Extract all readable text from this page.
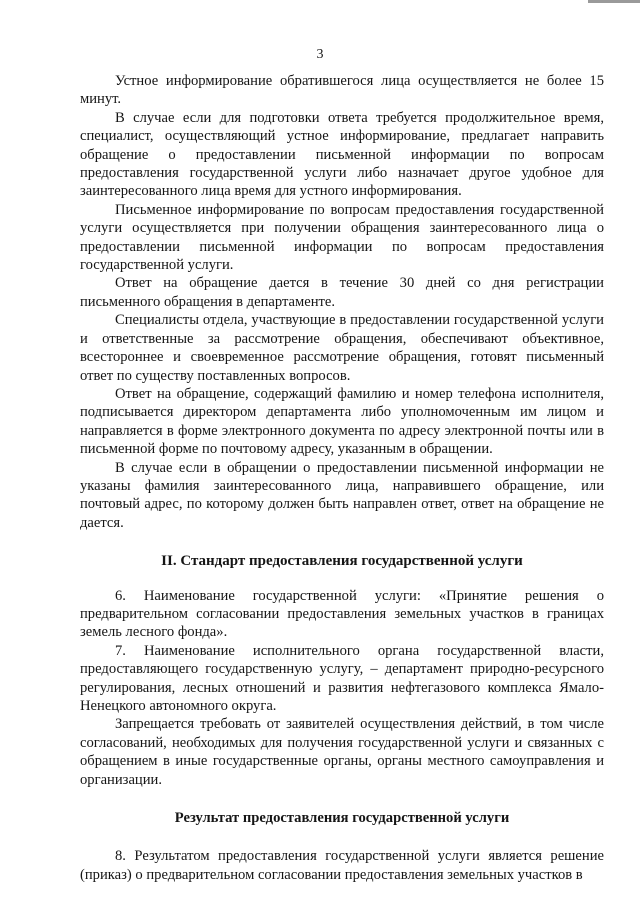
3

Устное информирование обратившегося лица осуществляется не более 15 минут.

В случае если для подготовки ответа требуется продолжительное время, специалист, осуществляющий устное информирование, предлагает направить обращение о предоставлении письменной информации по вопросам предоставления государственной услуги либо назначает другое удобное для заинтересованного лица время для устного информирования.

Письменное информирование по вопросам предоставления государственной услуги осуществляется при получении обращения заинтересованного лица о предоставлении письменной информации по вопросам предоставления государственной услуги.

Ответ на обращение дается в течение 30 дней со дня регистрации письменного обращения в департаменте.

Специалисты отдела, участвующие в предоставлении государственной услуги и ответственные за рассмотрение обращения, обеспечивают объективное, всестороннее и своевременное рассмотрение обращения, готовят письменный ответ по существу поставленных вопросов.

Ответ на обращение, содержащий фамилию и номер телефона исполнителя, подписывается директором департамента либо уполномоченным им лицом и направляется в форме электронного документа по адресу электронной почты или в письменной форме по почтовому адресу, указанным в обращении.

В случае если в обращении о предоставлении письменной информации не указаны фамилия заинтересованного лица, направившего обращение, или почтовый адрес, по которому должен быть направлен ответ, ответ на обращение не дается.

II. Стандарт предоставления государственной услуги

6. Наименование государственной услуги: «Принятие решения о предварительном согласовании предоставления земельных участков в границах земель лесного фонда».

7. Наименование исполнительного органа государственной власти, предоставляющего государственную услугу, – департамент природно-ресурсного регулирования, лесных отношений и развития нефтегазового комплекса Ямало-Ненецкого автономного округа.

Запрещается требовать от заявителей осуществления действий, в том числе согласований, необходимых для получения государственной услуги и связанных с обращением в иные государственные органы, органы местного самоуправления и организации.

Результат предоставления государственной услуги

8. Результатом предоставления государственной услуги является решение (приказ) о предварительном согласовании предоставления земельных участков в
